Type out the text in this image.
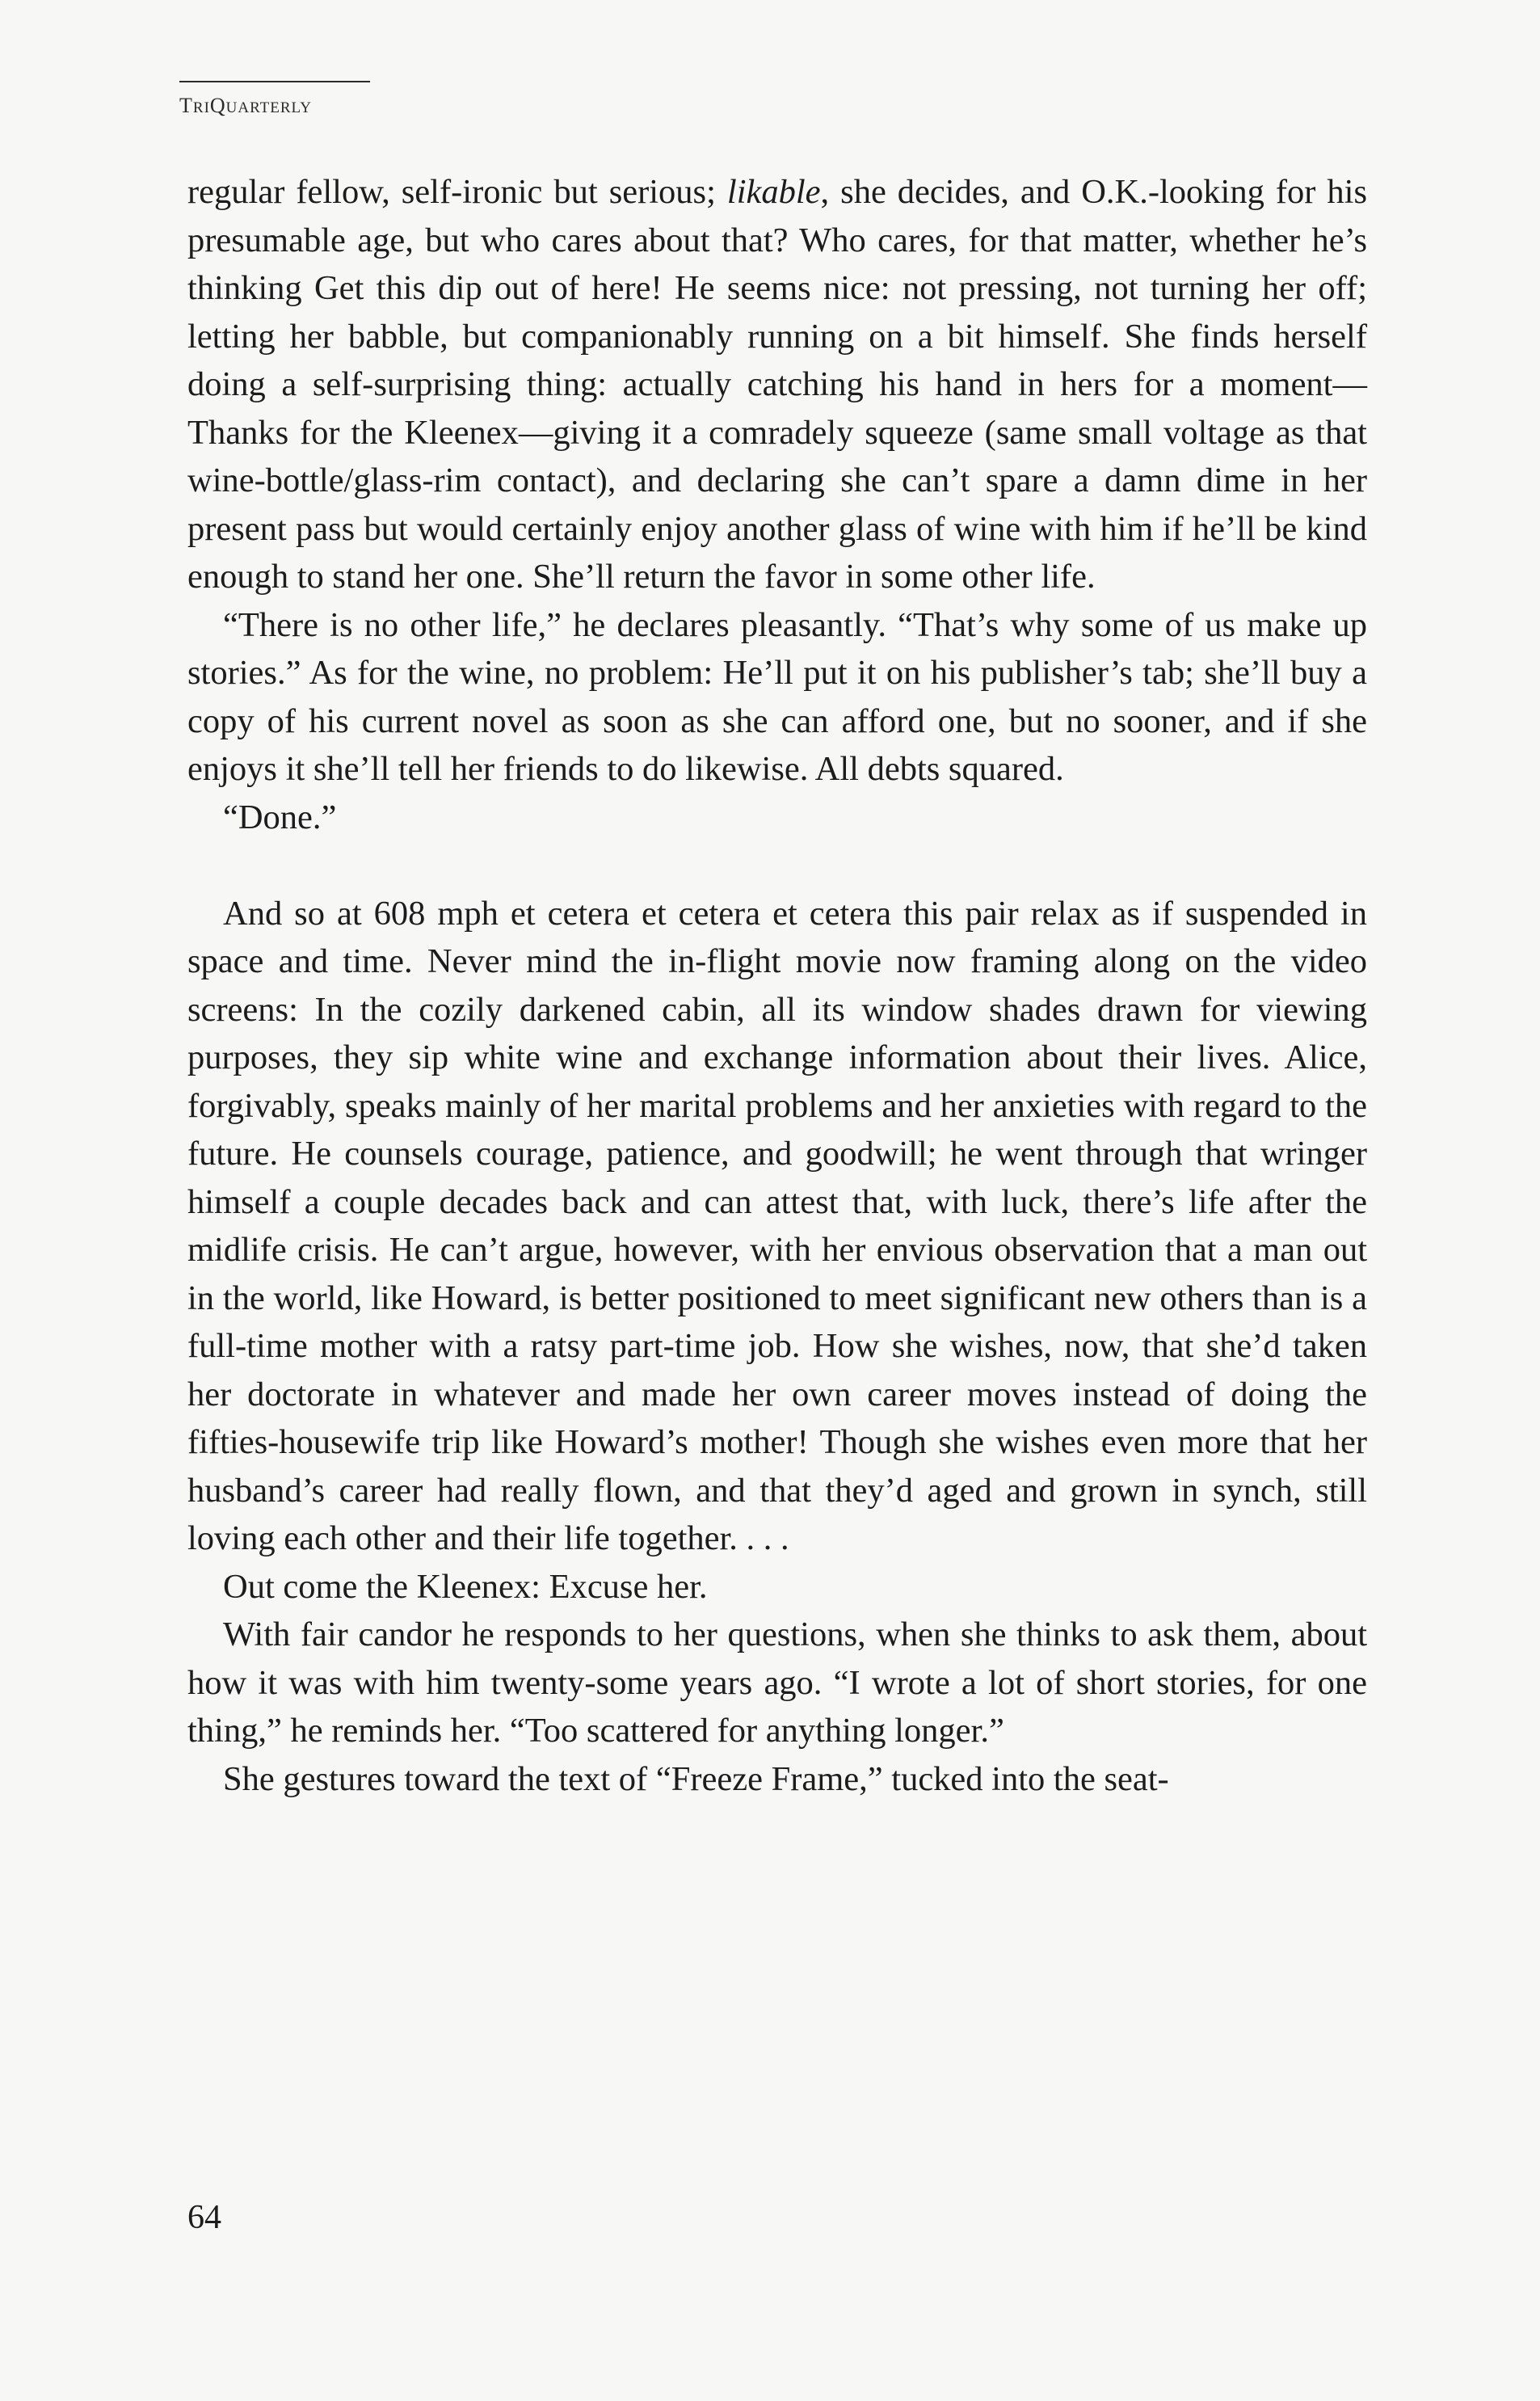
TRIQUARTERLY

regular fellow, self-ironic but serious; likable, she decides, and O.K.-looking for his presumable age, but who cares about that? Who cares, for that matter, whether he’s thinking Get this dip out of here! He seems nice: not pressing, not turning her off; letting her babble, but companionably running on a bit himself. She finds herself doing a self-surprising thing: actually catching his hand in hers for a moment—Thanks for the Kleenex—giving it a comradely squeeze (same small voltage as that wine-bottle/glass-rim contact), and declaring she can’t spare a damn dime in her present pass but would certainly enjoy another glass of wine with him if he’ll be kind enough to stand her one. She’ll return the favor in some other life.

“There is no other life,” he declares pleasantly. “That’s why some of us make up stories.” As for the wine, no problem: He’ll put it on his publisher’s tab; she’ll buy a copy of his current novel as soon as she can afford one, but no sooner, and if she enjoys it she’ll tell her friends to do likewise. All debts squared.

“Done.”

And so at 608 mph et cetera et cetera et cetera this pair relax as if suspended in space and time. Never mind the in-flight movie now framing along on the video screens: In the cozily darkened cabin, all its window shades drawn for viewing purposes, they sip white wine and exchange information about their lives. Alice, forgivably, speaks mainly of her marital problems and her anxieties with regard to the future. He counsels courage, patience, and goodwill; he went through that wringer himself a couple decades back and can attest that, with luck, there’s life after the midlife crisis. He can’t argue, however, with her envious observation that a man out in the world, like Howard, is better positioned to meet significant new others than is a full-time mother with a ratsy part-time job. How she wishes, now, that she’d taken her doctorate in whatever and made her own career moves instead of doing the fifties-housewife trip like Howard’s mother! Though she wishes even more that her husband’s career had really flown, and that they’d aged and grown in synch, still loving each other and their life together. . . .

Out come the Kleenex: Excuse her.

With fair candor he responds to her questions, when she thinks to ask them, about how it was with him twenty-some years ago. “I wrote a lot of short stories, for one thing,” he reminds her. “Too scattered for anything longer.”

She gestures toward the text of “Freeze Frame,” tucked into the seat-

64
